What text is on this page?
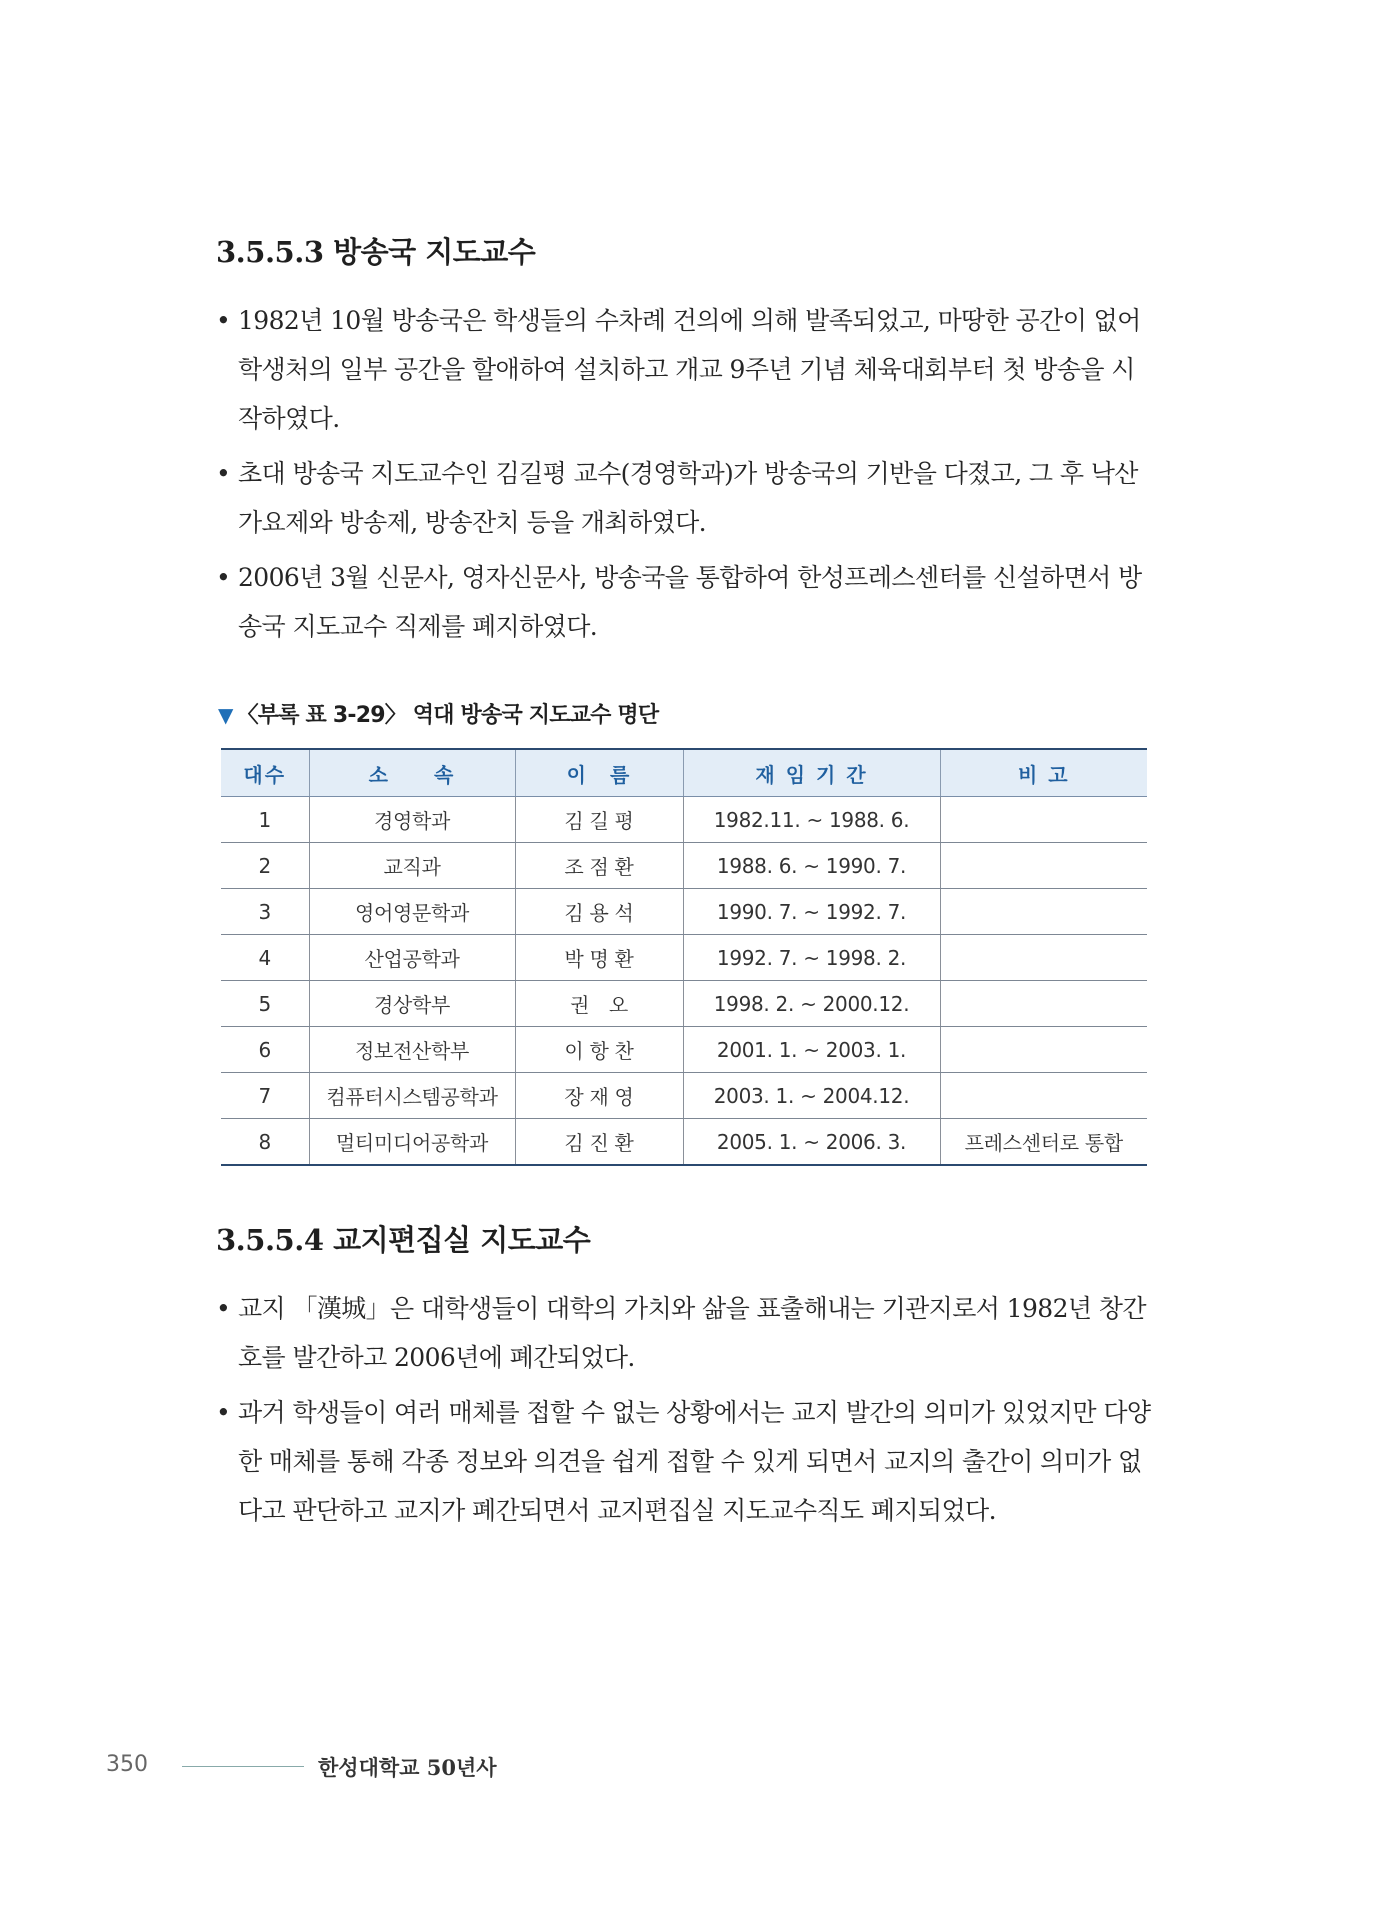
3.5.5.3 방송국 지도교수
• 1982년 10월 방송국은 학생들의 수차례 건의에 의해 발족되었고, 마땅한 공간이 없어 학생처의 일부 공간을 할애하여 설치하고 개교 9주년 기념 체육대회부터 첫 방송을 시작하였다.
• 초대 방송국 지도교수인 김길평 교수(경영학과)가 방송국의 기반을 다졌고, 그 후 낙산가요제와 방송제, 방송잔치 등을 개최하였다.
• 2006년 3월 신문사, 영자신문사, 방송국을 통합하여 한성프레스센터를 신설하면서 방송국 지도교수 직제를 폐지하였다.
▼ 〈부록 표 3-29〉 역대 방송국 지도교수 명단
대수	소　　속	이　름	재 임 기 간	비 고
1	경영학과	김 길 평	1982.11. ~ 1988. 6.	
2	교직과	조 점 환	1988. 6. ~ 1990. 7.	
3	영어영문학과	김 용 석	1990. 7. ~ 1992. 7.	
4	산업공학과	박 명 환	1992. 7. ~ 1998. 2.	
5	경상학부	권　오	1998. 2. ~ 2000.12.	
6	정보전산학부	이 항 찬	2001. 1. ~ 2003. 1.	
7	컴퓨터시스템공학과	장 재 영	2003. 1. ~ 2004.12.	
8	멀티미디어공학과	김 진 환	2005. 1. ~ 2006. 3.	프레스센터로 통합
3.5.5.4 교지편집실 지도교수
• 교지 「漢城」은 대학생들이 대학의 가치와 삶을 표출해내는 기관지로서 1982년 창간호를 발간하고 2006년에 폐간되었다.
• 과거 학생들이 여러 매체를 접할 수 없는 상황에서는 교지 발간의 의미가 있었지만 다양한 매체를 통해 각종 정보와 의견을 쉽게 접할 수 있게 되면서 교지의 출간이 의미가 없다고 판단하고 교지가 폐간되면서 교지편집실 지도교수직도 폐지되었다.
350	한성대학교 50년사
